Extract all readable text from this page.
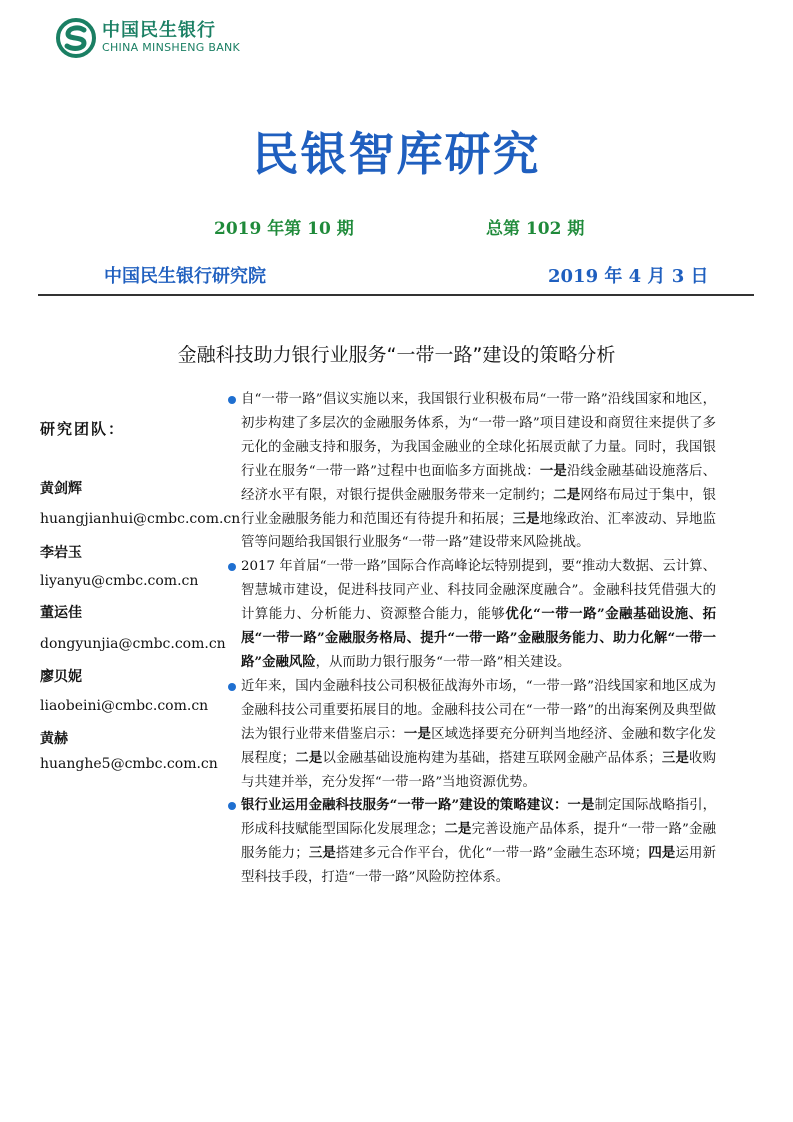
中国民生银行
CHINA MINSHENG BANK
民银智库研究
2019 年第 10 期	总第 102 期
中国民生银行研究院	2019 年 4 月 3 日
金融科技助力银行业服务“一带一路”建设的策略分析
研究团队：
黄剑辉
huangjianhui@cmbc.com.cn
李岩玉
liyanyu@cmbc.com.cn
董运佳
dongyunjia@cmbc.com.cn
廖贝妮
liaobeini@cmbc.com.cn
黄赫
huanghe5@cmbc.com.cn

自“一带一路”倡议实施以来，我国银行业积极布局“一带一路”沿线国家和地区，初步构建了多层次的金融服务体系，为“一带一路”项目建设和商贸往来提供了多元化的金融支持和服务，为我国金融业的全球化拓展贡献了力量。同时，我国银行业在服务“一带一路”过程中也面临多方面挑战：一是沿线金融基础设施落后、经济水平有限，对银行提供金融服务带来一定制约；二是网络布局过于集中，银行业金融服务能力和范围还有待提升和拓展；三是地缘政治、汇率波动、异地监管等问题给我国银行业服务“一带一路”建设带来风险挑战。

2017 年首届“一带一路”国际合作高峰论坛特别提到，要“推动大数据、云计算、智慧城市建设，促进科技同产业、科技同金融深度融合”。金融科技凭借强大的计算能力、分析能力、资源整合能力，能够优化“一带一路”金融基础设施、拓展“一带一路”金融服务格局、提升“一带一路”金融服务能力、助力化解“一带一路”金融风险，从而助力银行服务“一带一路”相关建设。

近年来，国内金融科技公司积极征战海外市场，“一带一路”沿线国家和地区成为金融科技公司重要拓展目的地。金融科技公司在“一带一路”的出海案例及典型做法为银行业带来借鉴启示：一是区域选择要充分研判当地经济、金融和数字化发展程度；二是以金融基础设施构建为基础，搭建互联网金融产品体系；三是收购与共建并举，充分发挥“一带一路”当地资源优势。

银行业运用金融科技服务“一带一路”建设的策略建议：一是制定国际战略指引，形成科技赋能型国际化发展理念；二是完善设施产品体系，提升“一带一路”金融服务能力；三是搭建多元合作平台，优化“一带一路”金融生态环境；四是运用新型科技手段，打造“一带一路”风险防控体系。
